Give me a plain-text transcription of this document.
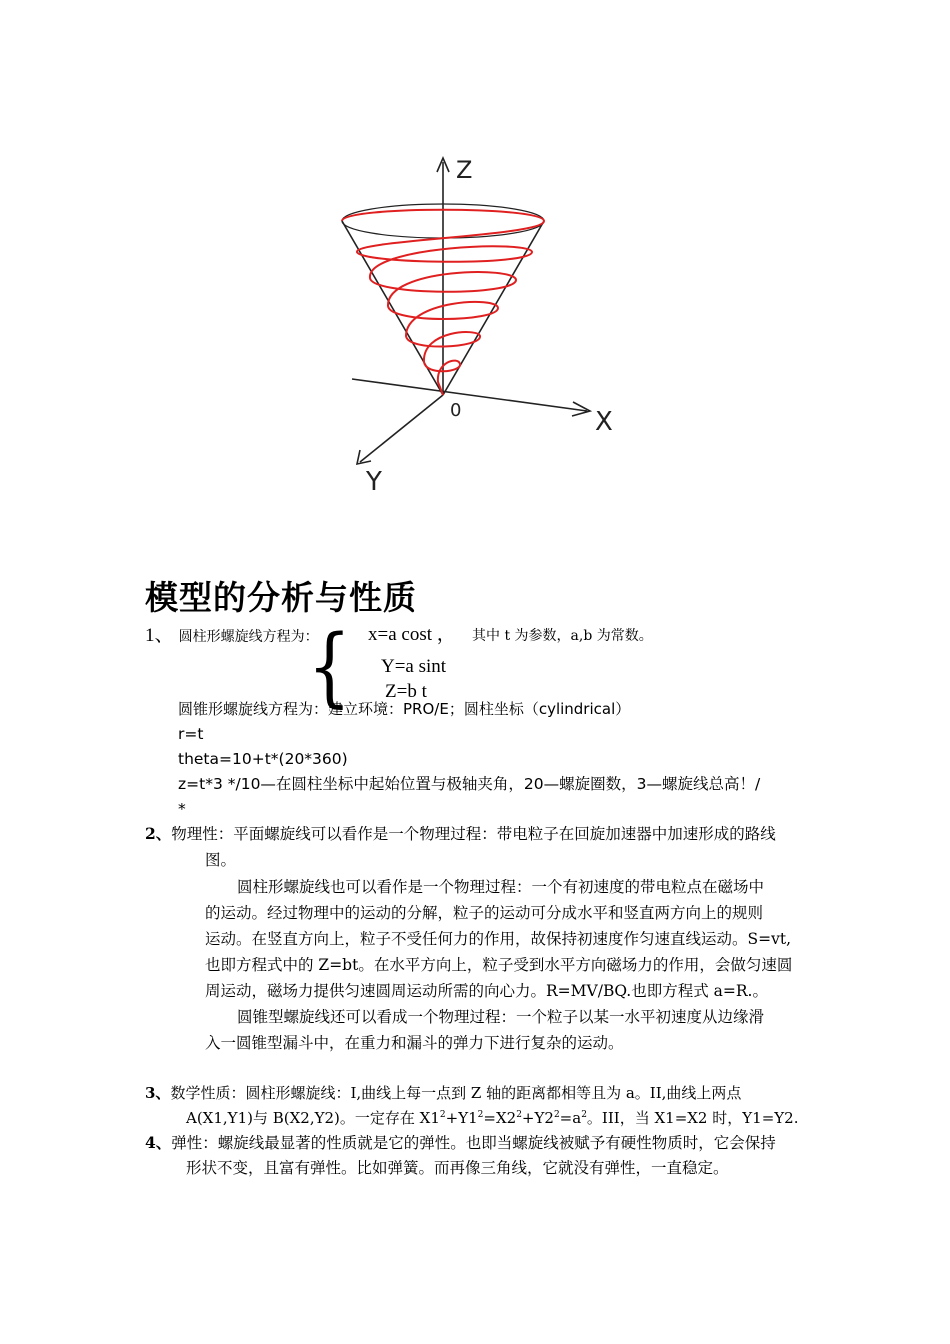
Z
X
Y
0
模型的分析与性质
1、 圆柱形螺旋线方程为：	x=a cost ， 其中 t 为参数，a,b 为常数。
{ Y=a sint
Z=b t
圆锥形螺旋线方程为：建立环境：PRO/E；圆柱坐标（cylindrical）
r=t
theta=10+t*(20*360)
z=t*3 */10—在圆柱坐标中起始位置与极轴夹角，20—螺旋圈数，3—螺旋线总高！/
*
2、物理性：平面螺旋线可以看作是一个物理过程：带电粒子在回旋加速器中加速形成的路线
图。
圆柱形螺旋线也可以看作是一个物理过程：一个有初速度的带电粒点在磁场中
的运动。经过物理中的运动的分解，粒子的运动可分成水平和竖直两方向上的规则
运动。在竖直方向上，粒子不受任何力的作用，故保持初速度作匀速直线运动。S=vt,
也即方程式中的 Z=bt。在水平方向上，粒子受到水平方向磁场力的作用，会做匀速圆
周运动，磁场力提供匀速圆周运动所需的向心力。R=MV/BQ.也即方程式 a=R.。
圆锥型螺旋线还可以看成一个物理过程：一个粒子以某一水平初速度从边缘滑
入一圆锥型漏斗中，在重力和漏斗的弹力下进行复杂的运动。
3、数学性质：圆柱形螺旋线：I,曲线上每一点到 Z 轴的距离都相等且为 a。II,曲线上两点
A(X1,Y1)与 B(X2,Y2)。一定存在 $X1^2+Y1^2=X2^2+Y2^2=a^2$。III，当 X1=X2 时，Y1=Y2.
4、弹性：螺旋线最显著的性质就是它的弹性。也即当螺旋线被赋予有硬性物质时，它会保持
形状不变，且富有弹性。比如弹簧。而再像三角线，它就没有弹性，一直稳定。
